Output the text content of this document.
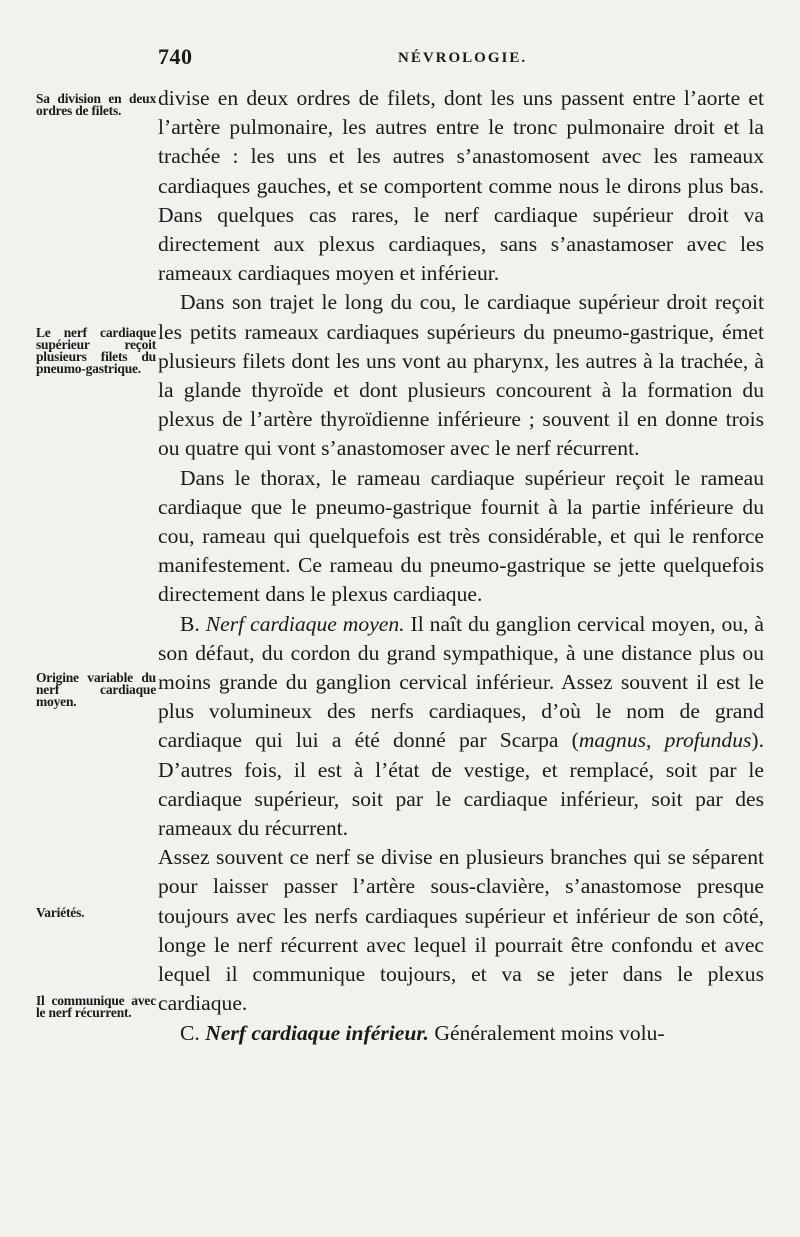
740	NÉVROLOGIE.
Sa division en deux ordres de filets.
Le nerf cardiaque supérieur reçoit plusieurs filets du pneumo-gastrique.
Origine variable du nerf cardiaque moyen.
Variétés.
Il communique avec le nerf récurrent.

divise en deux ordres de filets, dont les uns passent entre l’aorte et l’artère pulmonaire, les autres entre le tronc pulmonaire droit et la trachée : les uns et les autres s’anastomosent avec les rameaux cardiaques gauches, et se comportent comme nous le dirons plus bas. Dans quelques cas rares, le nerf cardiaque supérieur droit va directement aux plexus cardiaques, sans s’anastamoser avec les rameaux cardiaques moyen et inférieur.

Dans son trajet le long du cou, le cardiaque supérieur droit reçoit les petits rameaux cardiaques supérieurs du pneumo-gastrique, émet plusieurs filets dont les uns vont au pharynx, les autres à la trachée, à la glande thyroïde et dont plusieurs concourent à la formation du plexus de l’artère thyroïdienne inférieure ; souvent il en donne trois ou quatre qui vont s’anastomoser avec le nerf récurrent.

Dans le thorax, le rameau cardiaque supérieur reçoit le rameau cardiaque que le pneumo-gastrique fournit à la partie inférieure du cou, rameau qui quelquefois est très considérable, et qui le renforce manifestement. Ce rameau du pneumo-gastrique se jette quelquefois directement dans le plexus cardiaque.

B. Nerf cardiaque moyen. Il naît du ganglion cervical moyen, ou, à son défaut, du cordon du grand sympathique, à une distance plus ou moins grande du ganglion cervical inférieur. Assez souvent il est le plus volumineux des nerfs cardiaques, d’où le nom de grand cardiaque qui lui a été donné par Scarpa (magnus, profundus). D’autres fois, il est à l’état de vestige, et remplacé, soit par le cardiaque supérieur, soit par le cardiaque inférieur, soit par des rameaux du récurrent.

Assez souvent ce nerf se divise en plusieurs branches qui se séparent pour laisser passer l’artère sous-clavière, s’anastomose presque toujours avec les nerfs cardiaques supérieur et inférieur de son côté, longe le nerf récurrent avec lequel il pourrait être confondu et avec lequel il communique toujours, et va se jeter dans le plexus cardiaque.

C. Nerf cardiaque inférieur. Généralement moins volu-
